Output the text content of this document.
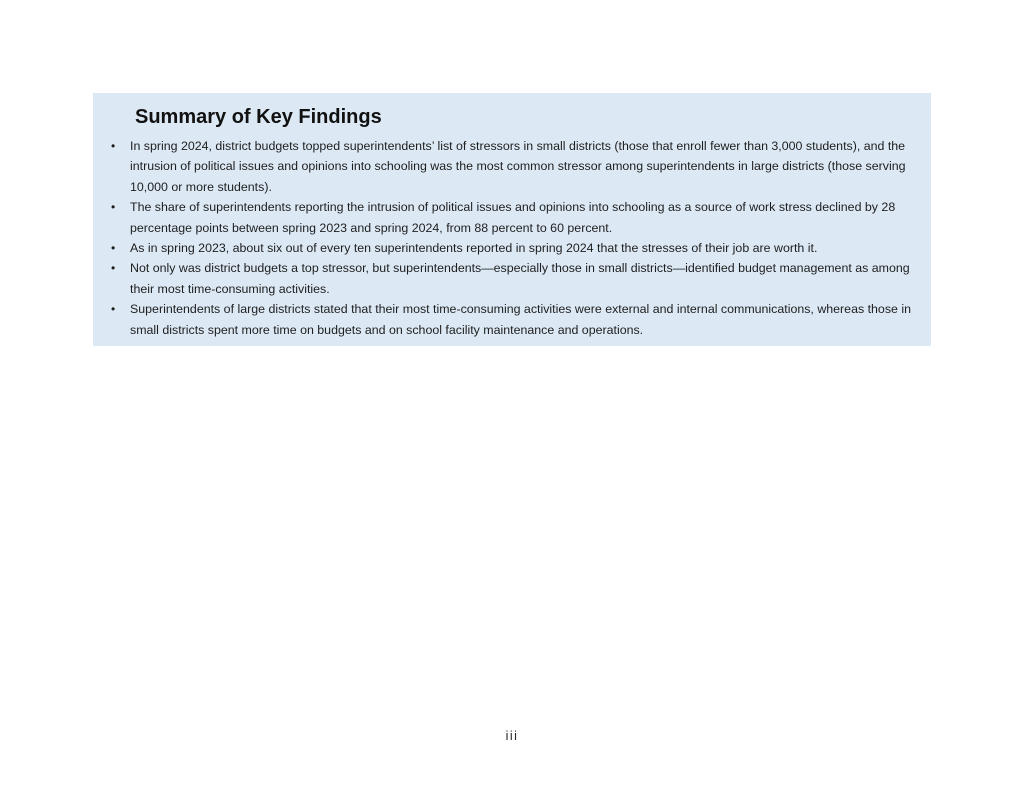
Summary of Key Findings
• In spring 2024, district budgets topped superintendents’ list of stressors in small districts (those that enroll fewer than 3,000 students), and the intrusion of political issues and opinions into schooling was the most common stressor among superintendents in large districts (those serving 10,000 or more students).
• The share of superintendents reporting the intrusion of political issues and opinions into schooling as a source of work stress declined by 28 percentage points between spring 2023 and spring 2024, from 88 percent to 60 percent.
• As in spring 2023, about six out of every ten superintendents reported in spring 2024 that the stresses of their job are worth it.
• Not only was district budgets a top stressor, but superintendents—especially those in small districts—identified budget management as among their most time-consuming activities.
• Superintendents of large districts stated that their most time-consuming activities were external and internal communications, whereas those in small districts spent more time on budgets and on school facility maintenance and operations.
iii
